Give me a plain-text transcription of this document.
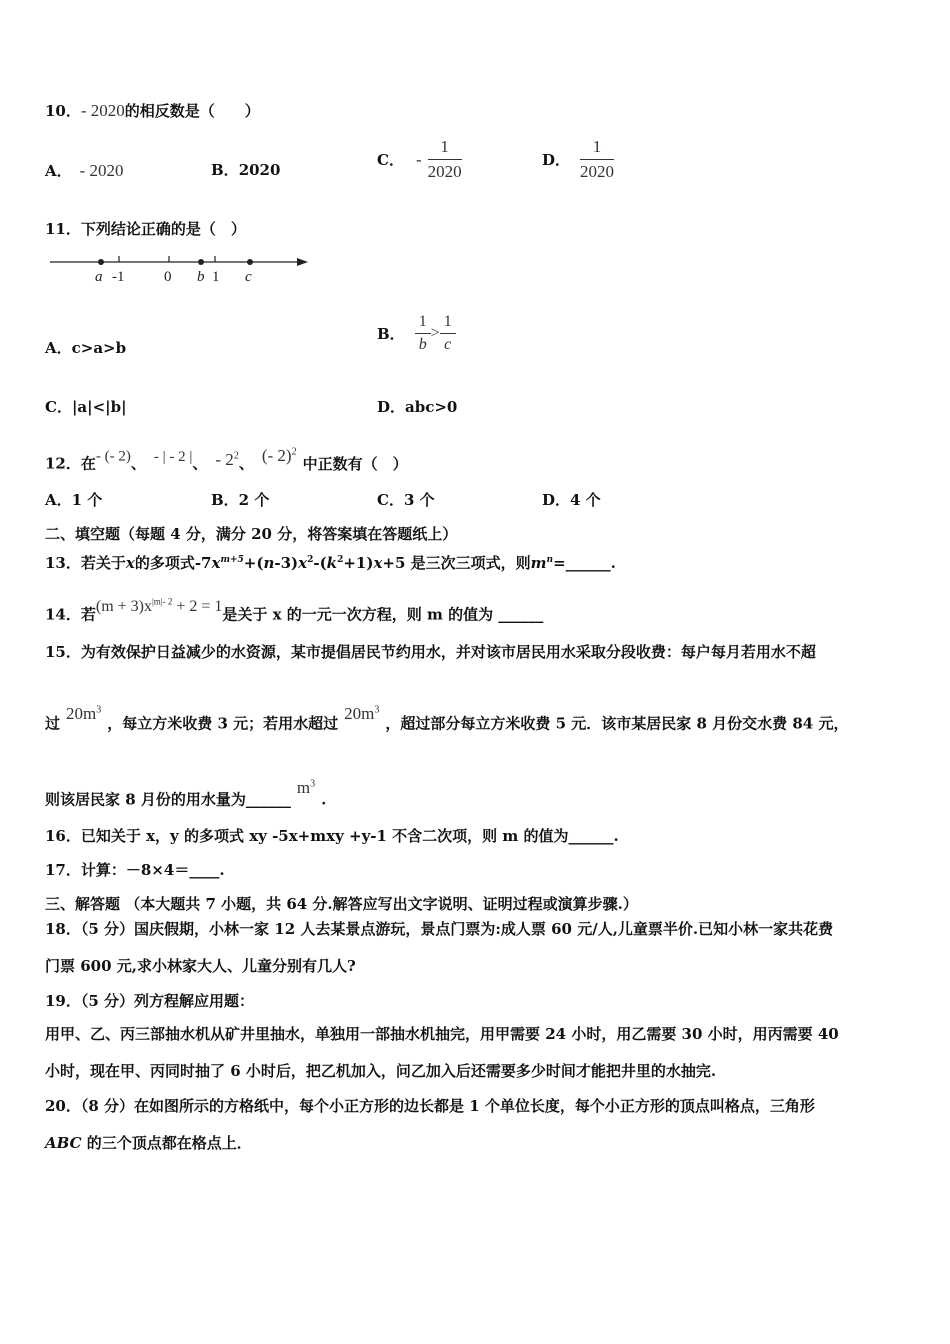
10．- 2020的相反数是（　　）
A． - 2020	B．2020
C． - $\frac{1}{2020}$	D． $\frac{1}{2020}$
11．下列结论正确的是（　）
a -1	0 b 1 c
A．c>a>b
B． $\frac{1}{b} > \frac{1}{c}$
C．|a|<|b|	D．abc>0
12．在- (- 2)、 - | - 2 |、 - $2^2$、 (- 2)$^2$中正数有（　）
A．1 个	B．2 个	C．3 个	D．4 个
二、填空题（每题 4 分，满分 20 分，将答案填在答题纸上）
13．若关于x的多项式$-7x^{m+5}+(n-3)x^2-(k^2+1)x+5$ 是三次三项式，则$m^n=\_\_\_\_\_\_$.
14．若$(m + 3)x^{|m|- 2} + 2 = 1$是关于 x 的一元一次方程，则 m 的值为 ______
15．为有效保护日益减少的水资源，某市提倡居民节约用水，并对该市居民用水采取分段收费：每户每月若用水不超
过$20m^3$，每立方米收费 3 元；若用水超过$20m^3$，超过部分每立方米收费 5 元．该市某居民家 8 月份交水费 84 元，
则该居民家 8 月份的用水量为$\_\_\_\_\_\_m^3$.
16．已知关于 x，y 的多项式 xy -5x+mxy +y-1 不含二次项，则 m 的值为______.
17．计算：－8×4＝____.
三、解答题 （本大题共 7 小题，共 64 分.解答应写出文字说明、证明过程或演算步骤.）
18．（5 分）国庆假期，小林一家 12 人去某景点游玩，景点门票为:成人票 60 元/人,儿童票半价.已知小林一家共花费
门票 600 元,求小林家大人、儿童分别有几人?
19．（5 分）列方程解应用题：
用甲、乙、丙三部抽水机从矿井里抽水，单独用一部抽水机抽完，用甲需要 24 小时，用乙需要 30 小时，用丙需要 40
小时，现在甲、丙同时抽了 6 小时后，把乙机加入，问乙加入后还需要多少时间才能把井里的水抽完.
20．（8 分）在如图所示的方格纸中，每个小正方形的边长都是 1 个单位长度，每个小正方形的顶点叫格点，三角形
ABC 的三个顶点都在格点上．
